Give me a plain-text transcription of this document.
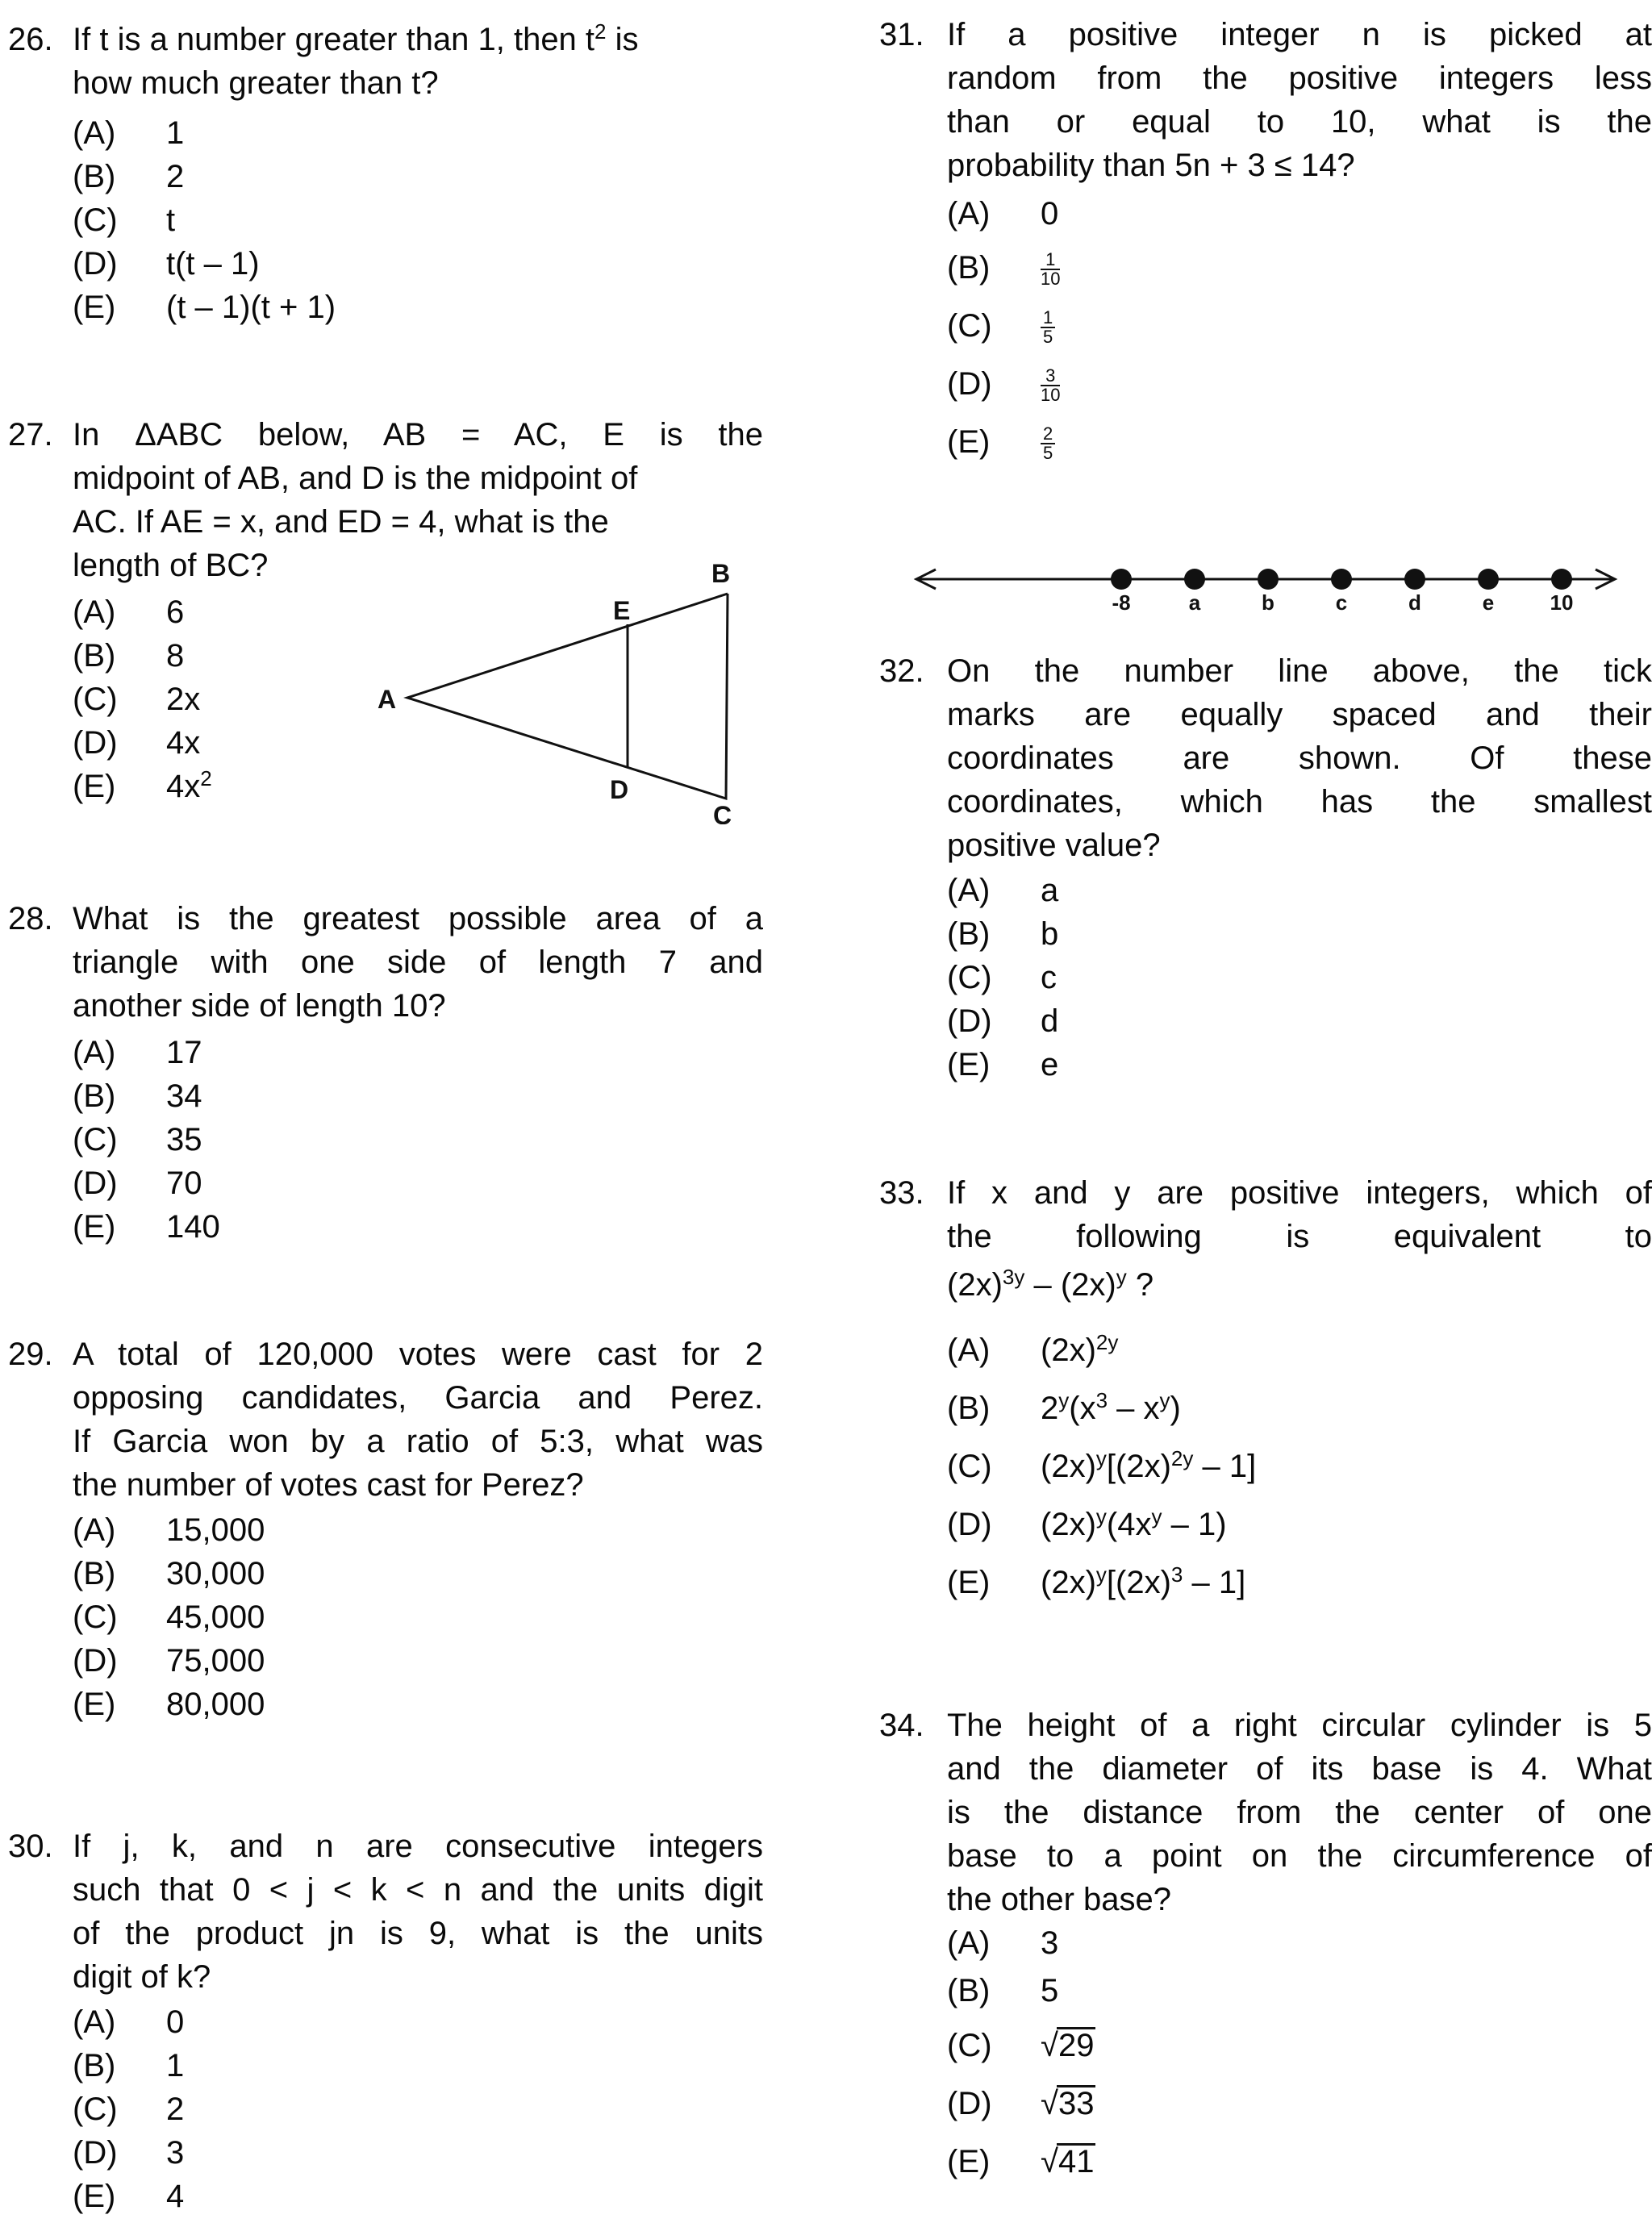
26. If t is a number greater than 1, then $t^2$ is
how much greater than t?
(A) 1
(B) 2
(C) t
(D) t(t – 1)
(E) (t – 1)(t + 1)
27. In ΔABC below, AB = AC, E is the
midpoint of AB, and D is the midpoint of
AC. If AE = x, and ED = 4, what is the
length of BC?
(A) 6
(B) 8
(C) 2x
(D) 4x
(E) $4x^2$
A
B
C
D
E
28. What is the greatest possible area of a
triangle with one side of length 7 and
another side of length 10?
(A) 17
(B) 34
(C) 35
(D) 70
(E) 140
29. A total of 120,000 votes were cast for 2
opposing candidates, Garcia and Perez.
If Garcia won by a ratio of 5:3, what was
the number of votes cast for Perez?
(A) 15,000
(B) 30,000
(C) 45,000
(D) 75,000
(E) 80,000
30. If j, k, and n are consecutive integers
such that 0 < j < k < n and the units digit
of the product jn is 9, what is the units
digit of k?
(A) 0
(B) 1
(C) 2
(D) 3
(E) 4
31. If a positive integer n is picked at
random from the positive integers less
than or equal to 10, what is the
probability than 5n + 3 ≤ 14?
(A) 0
(B)	$\frac{1}{10}$
(C)	$\frac{1}{5}$
(D)	$\frac{3}{10}$
(E)	$\frac{2}{5}$
-8	a	b	c	d	e	10
32. On the number line above, the tick
marks are equally spaced and their
coordinates are shown. Of these
coordinates, which has the smallest
positive value?
(A) a
(B) b
(C) c
(D) d
(E) e
33. If x and y are positive integers, which of
the following is equivalent to
$(2x)^{3y} - (2x)^y$ ?
(A) $(2x)^{2y}$
(B) $2^y(x^3 - x^y)$
(C) $(2x)^y[(2x)^{2y} - 1]$
(D) $(2x)^y(4x^y - 1)$
(E) $(2x)^y[(2x)^3 - 1]$
34. The height of a right circular cylinder is 5
and the diameter of its base is 4. What
is the distance from the center of one
base to a point on the circumference of
the other base?
(A) 3
(B) 5
(C) √29
(D) √33
(E) √41
